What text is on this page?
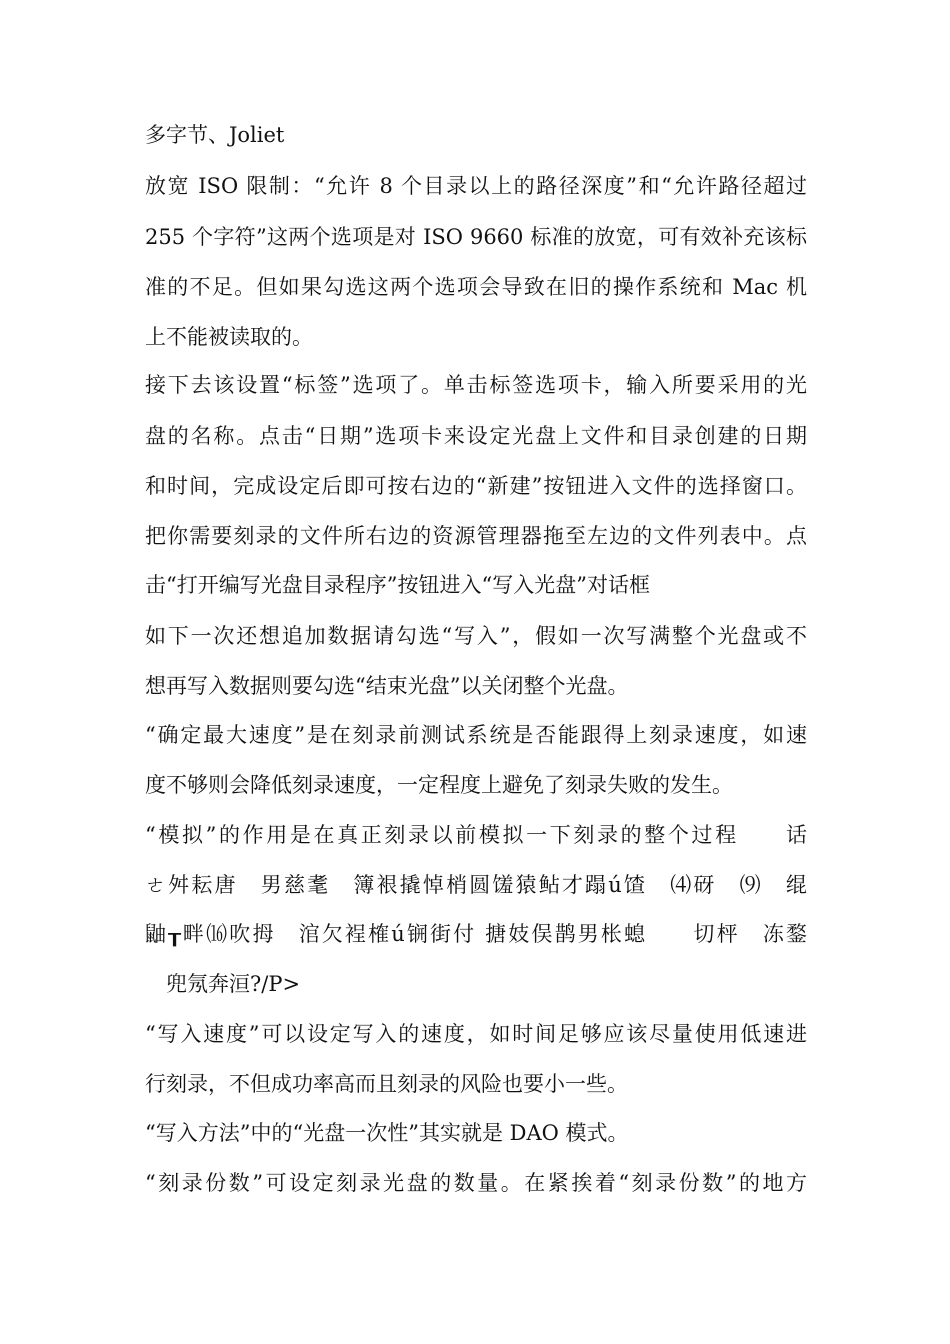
多字节、Joliet

放宽 ISO 限制：“允许 8 个目录以上的路径深度”和“允许路径超过

255 个字符”这两个选项是对 ISO 9660 标准的放宽，可有效补充该标

准的不足。但如果勾选这两个选项会导致在旧的操作系统和 Mac 机

上不能被读取的。

接下去该设置“标签”选项了。单击标签选项卡，输入所要采用的光

盘的名称。点击“日期”选项卡来设定光盘上文件和目录创建的日期

和时间，完成设定后即可按右边的“新建”按钮进入文件的选择窗口。

把你需要刻录的文件所右边的资源管理器拖至左边的文件列表中。点

击“打开编写光盘目录程序”按钮进入“写入光盘”对话框

如下一次还想追加数据请勾选“写入”，假如一次写满整个光盘或不

想再写入数据则要勾选“结束光盘”以关闭整个光盘。

“确定最大速度”是在刻录前测试系统是否能跟得上刻录速度，如速

度不够则会降低刻录速度，一定程度上避免了刻录失败的发生。

“模拟”的作用是在真正刻录以前模拟一下刻录的整个过程　　话

ㄜ舛耘唐　男慈耄　簿裉撬悼梢圆馐猿鲇才蹋ú馇　⑷砑　⑼　绲

鼬┰畔⒃吹拇　涫欠裎榷ú锎街付 搪妓俣鹊男枨螅　　切枰　冻鍪

　兜氖奔洹?/P>

“写入速度”可以设定写入的速度，如时间足够应该尽量使用低速进

行刻录，不但成功率高而且刻录的风险也要小一些。

“写入方法”中的“光盘一次性”其实就是 DAO 模式。

“刻录份数”可设定刻录光盘的数量。在紧挨着“刻录份数”的地方
